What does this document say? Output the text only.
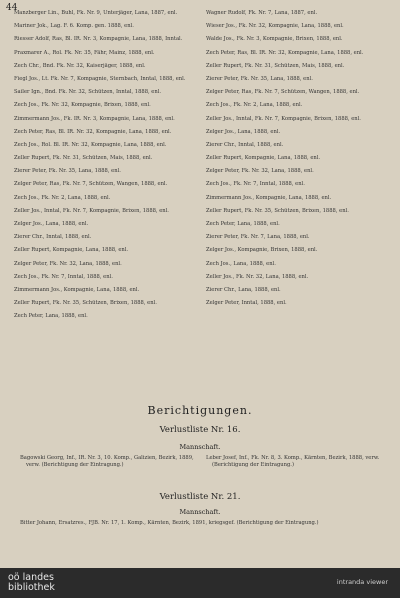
44

Manzberger Lin., Buhl, Fk. Nr. 9, Unterjäger, Lana, 1887, enl.

Mariner Jok., Lag. F. 6. Komp. gen. 1888, enl.

Riesser Adolf, Ras, Bl. IR. Nr. 3, Kompagnie, Lana, 1888, Inntal.

Praxmarer A., Rol. Fk. Nr. 35, Fähr, Mainz, 1888, enl.

Zech Chr., Bnd. Fk. Nr. 32, Kaiserjäger, 1888, enl.

Fiegl Jos., Lt. Fk. Nr. 7, Kompagnie, Sternbach, Inntal, 1888, enl.

Sailer Ign., Bnd. Fk. Nr. 32, Schützen, Inntal, 1888, enl.

Zech Jos., Fk. Nr. 32, Kompagnie, Brixen, 1888, enl.

Zimmermann Jos., Fk. IR. Nr. 3, Kompagnie, Lana, 1888, enl.

Zech Peter, Ras, Bl. IR. Nr. 32, Kompagnie, Lana, 1888, enl.

Zech Jos., Rol. Bl. IR. Nr. 32, Kompagnie, Lana, 1888, enl.

Zeller Rupert, Fk. Nr. 31, Schützen, Mais, 1888, enl.

Zierer Peter, Fk. Nr. 35, Lana, 1888, enl.

Zelger Peter, Ras, Fk. Nr. 7, Schützen, Wangen, 1888, enl.

Zech Jos., Fk. Nr. 2, Lana, 1888, enl.

Zeller Jos., Inntal, Fk. Nr. 7, Kompagnie, Brixen, 1888, enl.

Zelger Jos., Lana, 1888, enl.

Zierer Chr., Inntal, 1888, enl.

Zeller Rupert, Kompagnie, Lana, 1888, enl.

Zelger Peter, Fk. Nr. 32, Lana, 1888, enl.

Zech Jos., Fk. Nr. 7, Inntal, 1888, enl.

Zimmermann Jos., Kompagnie, Lana, 1888, enl.

Zeller Rupert, Fk. Nr. 35, Schützen, Brixen, 1888, enl.

Zech Peter, Lana, 1888, enl.

Wagner Rudolf, Fk. Nr. 7, Lana, 1887, enl.

Wieser Jos., Fk. Nr. 32, Kompagnie, Lana, 1888, enl.

Walde Jos., Fk. Nr. 3, Kompagnie, Brixen, 1888, enl.

Zech Peter, Ras, Bl. IR. Nr. 32, Kompagnie, Lana, 1888, enl.

Zeller Rupert, Fk. Nr. 31, Schützen, Mais, 1888, enl.

Zierer Peter, Fk. Nr. 35, Lana, 1888, enl.

Zelger Peter, Ras, Fk. Nr. 7, Schützen, Wangen, 1888, enl.

Zech Jos., Fk. Nr. 2, Lana, 1888, enl.

Zeller Jos., Inntal, Fk. Nr. 7, Kompagnie, Brixen, 1888, enl.

Zelger Jos., Lana, 1888, enl.

Zierer Chr., Inntal, 1888, enl.

Zeller Rupert, Kompagnie, Lana, 1888, enl.

Zelger Peter, Fk. Nr. 32, Lana, 1888, enl.

Zech Jos., Fk. Nr. 7, Inntal, 1888, enl.

Zimmermann Jos., Kompagnie, Lana, 1888, enl.

Zeller Rupert, Fk. Nr. 35, Schützen, Brixen, 1888, enl.

Zech Peter, Lana, 1888, enl.

Zierer Peter, Fk. Nr. 7, Lana, 1888, enl.

Zelger Jos., Kompagnie, Brixen, 1888, enl.

Zech Jos., Lana, 1888, enl.

Zeller Jos., Fk. Nr. 32, Lana, 1888, enl.

Zierer Chr., Lana, 1888, enl.

Zelger Peter, Inntal, 1888, enl.

Berichtigungen.
Verlustliste Nr. 16.
Mannschaft.

Bagowski Georg, Inf., IR. Nr. 3, 10. Komp., Galizien, Bezirk, 1889, verw. (Berichtigung der Eintragung.)

Leber Josef, Inf., Fk. Nr. 8, 3. Komp., Kärnten, Bezirk, 1888, verw. (Berichtigung der Eintragung.)

Verlustliste Nr. 21.
Mannschaft.

Bitter Johann, Ersatzres., FJB. Nr. 17, 1. Komp., Kärnten, Bezirk, 1891, kriegsgef. (Berichtigung der Eintragung.)

oö landes
bibliothek	intranda viewer
